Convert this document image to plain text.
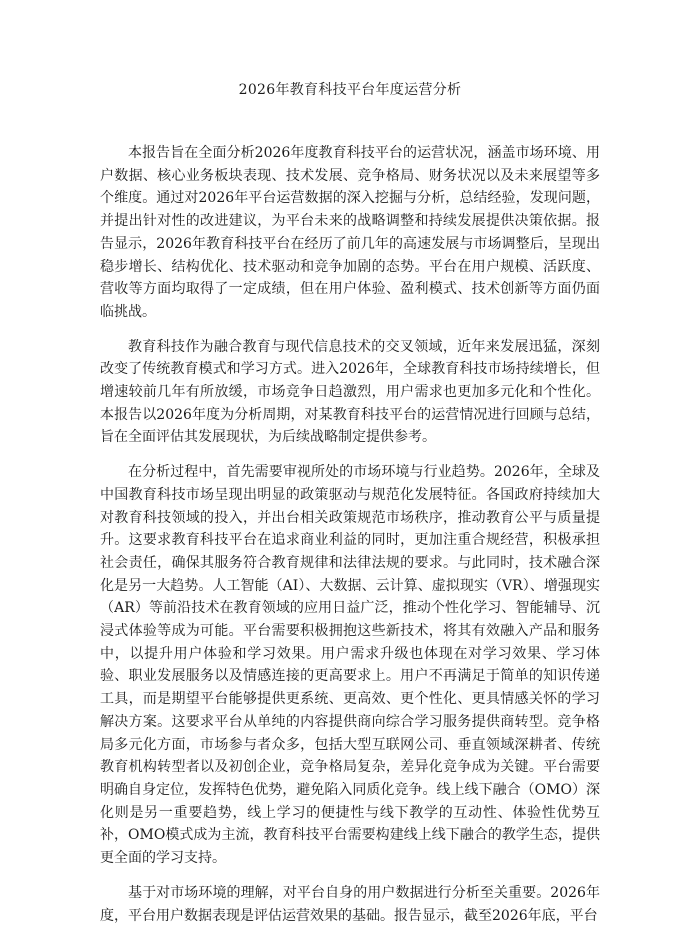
2026年教育科技平台年度运营分析

本报告旨在全面分析2026年度教育科技平台的运营状况，涵盖市场环境、用户数据、核心业务板块表现、技术发展、竞争格局、财务状况以及未来展望等多个维度。通过对2026年平台运营数据的深入挖掘与分析，总结经验，发现问题，并提出针对性的改进建议，为平台未来的战略调整和持续发展提供决策依据。报告显示，2026年教育科技平台在经历了前几年的高速发展与市场调整后，呈现出稳步增长、结构优化、技术驱动和竞争加剧的态势。平台在用户规模、活跃度、营收等方面均取得了一定成绩，但在用户体验、盈利模式、技术创新等方面仍面临挑战。

教育科技作为融合教育与现代信息技术的交叉领域，近年来发展迅猛，深刻改变了传统教育模式和学习方式。进入2026年，全球教育科技市场持续增长，但增速较前几年有所放缓，市场竞争日趋激烈，用户需求也更加多元化和个性化。本报告以2026年度为分析周期，对某教育科技平台的运营情况进行回顾与总结，旨在全面评估其发展现状，为后续战略制定提供参考。

在分析过程中，首先需要审视所处的市场环境与行业趋势。2026年，全球及中国教育科技市场呈现出明显的政策驱动与规范化发展特征。各国政府持续加大对教育科技领域的投入，并出台相关政策规范市场秩序，推动教育公平与质量提升。这要求教育科技平台在追求商业利益的同时，更加注重合规经营，积极承担社会责任，确保其服务符合教育规律和法律法规的要求。与此同时，技术融合深化是另一大趋势。人工智能（AI）、大数据、云计算、虚拟现实（VR）、增强现实（AR）等前沿技术在教育领域的应用日益广泛，推动个性化学习、智能辅导、沉浸式体验等成为可能。平台需要积极拥抱这些新技术，将其有效融入产品和服务中，以提升用户体验和学习效果。用户需求升级也体现在对学习效果、学习体验、职业发展服务以及情感连接的更高要求上。用户不再满足于简单的知识传递工具，而是期望平台能够提供更系统、更高效、更个性化、更具情感关怀的学习解决方案。这要求平台从单纯的内容提供商向综合学习服务提供商转型。竞争格局多元化方面，市场参与者众多，包括大型互联网公司、垂直领域深耕者、传统教育机构转型者以及初创企业，竞争格局复杂，差异化竞争成为关键。平台需要明确自身定位，发挥特色优势，避免陷入同质化竞争。线上线下融合（OMO）深化则是另一重要趋势，线上学习的便捷性与线下教学的互动性、体验性优势互补，OMO模式成为主流，教育科技平台需要构建线上线下融合的教学生态，提供更全面的学习支持。

基于对市场环境的理解，对平台自身的用户数据进行分析至关重要。2026年度，平台用户数据表现是评估运营效果的基础。报告显示，截至2026年底，平台
